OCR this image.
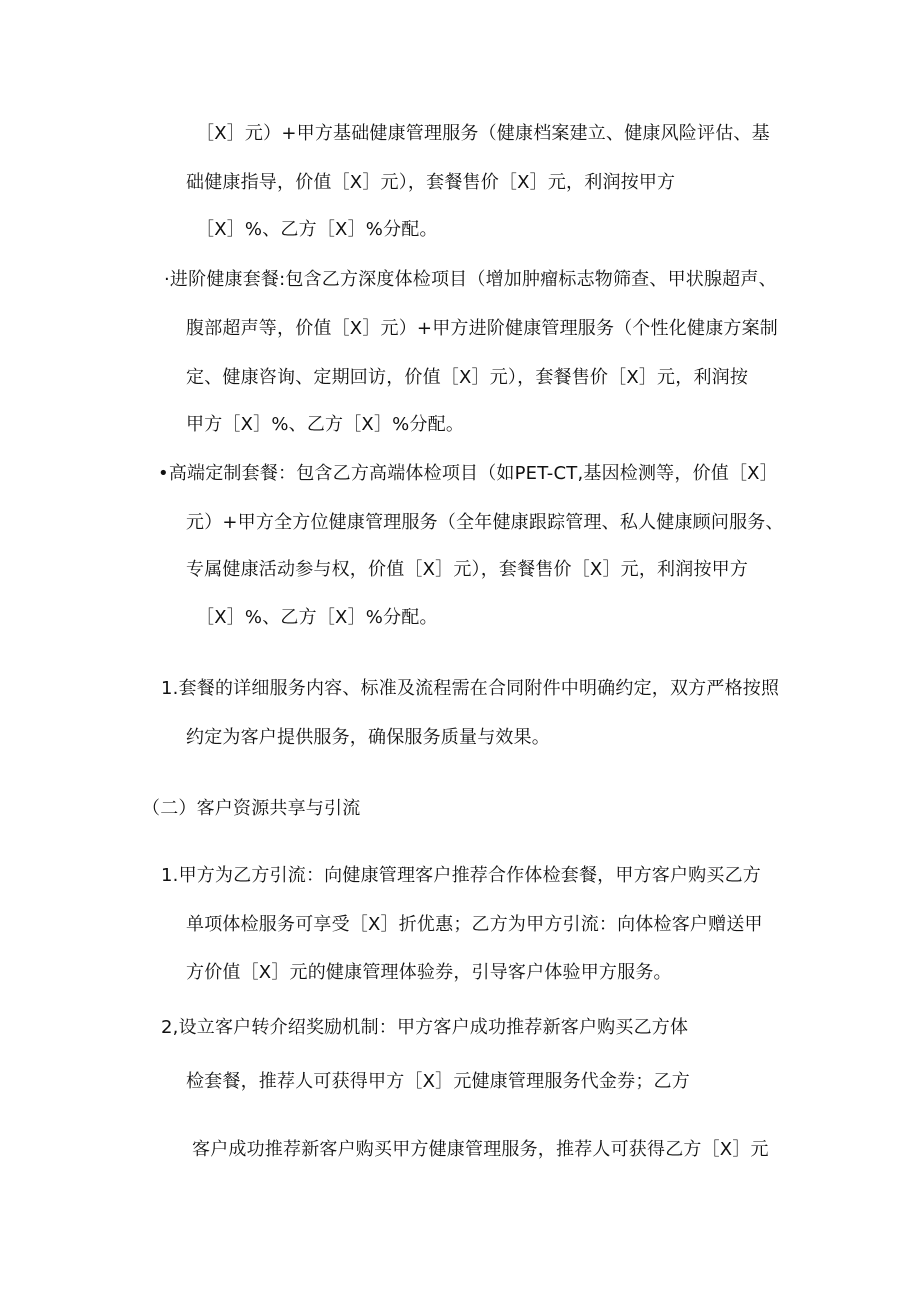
［X］元）+甲方基础健康管理服务（健康档案建立、健康风险评估、基
础健康指导，价值［X］元），套餐售价［X］元，利润按甲方
［X］%、乙方［X］%分配。
·进阶健康套餐:包含乙方深度体检项目（增加肿瘤标志物筛查、甲状腺超声、
腹部超声等，价值［X］元）+甲方进阶健康管理服务（个性化健康方案制
定、健康咨询、定期回访，价值［X］元），套餐售价［X］元，利润按
甲方［X］%、乙方［X］%分配。
•高端定制套餐：包含乙方高端体检项目（如PET-CT,基因检测等，价值［X］
元）+甲方全方位健康管理服务（全年健康跟踪管理、私人健康顾问服务、
专属健康活动参与权，价值［X］元），套餐售价［X］元，利润按甲方
［X］%、乙方［X］%分配。
1.套餐的详细服务内容、标准及流程需在合同附件中明确约定，双方严格按照
约定为客户提供服务，确保服务质量与效果。
（二）客户资源共享与引流
1.甲方为乙方引流：向健康管理客户推荐合作体检套餐，甲方客户购买乙方
单项体检服务可享受［X］折优惠；乙方为甲方引流：向体检客户赠送甲
方价值［X］元的健康管理体验券，引导客户体验甲方服务。
2,设立客户转介绍奖励机制：甲方客户成功推荐新客户购买乙方体
检套餐，推荐人可获得甲方［X］元健康管理服务代金券；乙方
客户成功推荐新客户购买甲方健康管理服务，推荐人可获得乙方［X］元
